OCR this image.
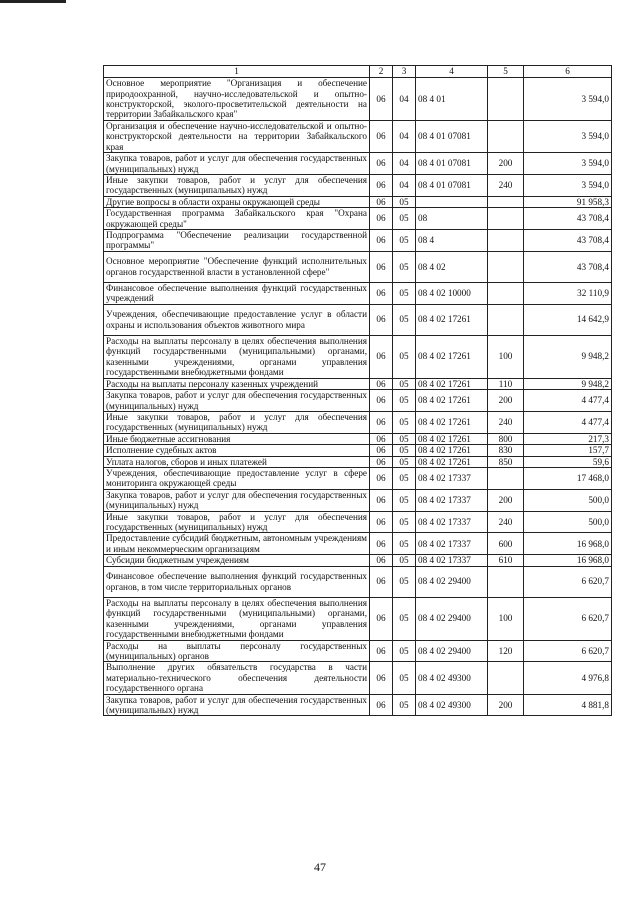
1	2	3	4	5	6
Основное мероприятие "Организация и обеспечение природоохранной, научно-исследовательской и опытно-конструкторской, эколого-просветительской деятельности на территории Забайкальского края"	06	04	08 4 01		3 594,0
Организация и обеспечение научно-исследовательской и опытно-конструкторской деятельности на территории Забайкальского края	06	04	08 4 01 07081		3 594,0
Закупка товаров, работ и услуг для обеспечения государственных (муниципальных) нужд	06	04	08 4 01 07081	200	3 594,0
Иные закупки товаров, работ и услуг для обеспечения государственных (муниципальных) нужд	06	04	08 4 01 07081	240	3 594,0
Другие вопросы в области охраны окружающей среды	06	05			91 958,3
Государственная программа Забайкальского края "Охрана окружающей среды"	06	05	08		43 708,4
Подпрограмма "Обеспечение реализации государственной программы"	06	05	08 4		43 708,4
Основное мероприятие "Обеспечение функций исполнительных органов государственной власти в установленной сфере"	06	05	08 4 02		43 708,4
Финансовое обеспечение выполнения функций государственных учреждений	06	05	08 4 02 10000		32 110,9
Учреждения, обеспечивающие предоставление услуг в области охраны и использования объектов животного мира	06	05	08 4 02 17261		14 642,9
Расходы на выплаты персоналу в целях обеспечения выполнения функций государственными (муниципальными) органами, казенными учреждениями, органами управления государственными внебюджетными фондами	06	05	08 4 02 17261	100	9 948,2
Расходы на выплаты персоналу казенных учреждений	06	05	08 4 02 17261	110	9 948,2
Закупка товаров, работ и услуг для обеспечения государственных (муниципальных) нужд	06	05	08 4 02 17261	200	4 477,4
Иные закупки товаров, работ и услуг для обеспечения государственных (муниципальных) нужд	06	05	08 4 02 17261	240	4 477,4
Иные бюджетные ассигнования	06	05	08 4 02 17261	800	217,3
Исполнение судебных актов	06	05	08 4 02 17261	830	157,7
Уплата налогов, сборов и иных платежей	06	05	08 4 02 17261	850	59,6
Учреждения, обеспечивающие предоставление услуг в сфере мониторинга окружающей среды	06	05	08 4 02 17337		17 468,0
Закупка товаров, работ и услуг для обеспечения государственных (муниципальных) нужд	06	05	08 4 02 17337	200	500,0
Иные закупки товаров, работ и услуг для обеспечения государственных (муниципальных) нужд	06	05	08 4 02 17337	240	500,0
Предоставление субсидий бюджетным, автономным учреждениям и иным некоммерческим организациям	06	05	08 4 02 17337	600	16 968,0
Субсидии бюджетным учреждениям	06	05	08 4 02 17337	610	16 968,0
Финансовое обеспечение выполнения функций государственных органов, в том числе территориальных органов	06	05	08 4 02 29400		6 620,7
Расходы на выплаты персоналу в целях обеспечения выполнения функций государственными (муниципальными) органами, казенными учреждениями, органами управления государственными внебюджетными фондами	06	05	08 4 02 29400	100	6 620,7
Расходы на выплаты персоналу государственных (муниципальных) органов	06	05	08 4 02 29400	120	6 620,7
Выполнение других обязательств государства в части материально-технического обеспечения деятельности государственного органа	06	05	08 4 02 49300		4 976,8
Закупка товаров, работ и услуг для обеспечения государственных (муниципальных) нужд	06	05	08 4 02 49300	200	4 881,8
47
